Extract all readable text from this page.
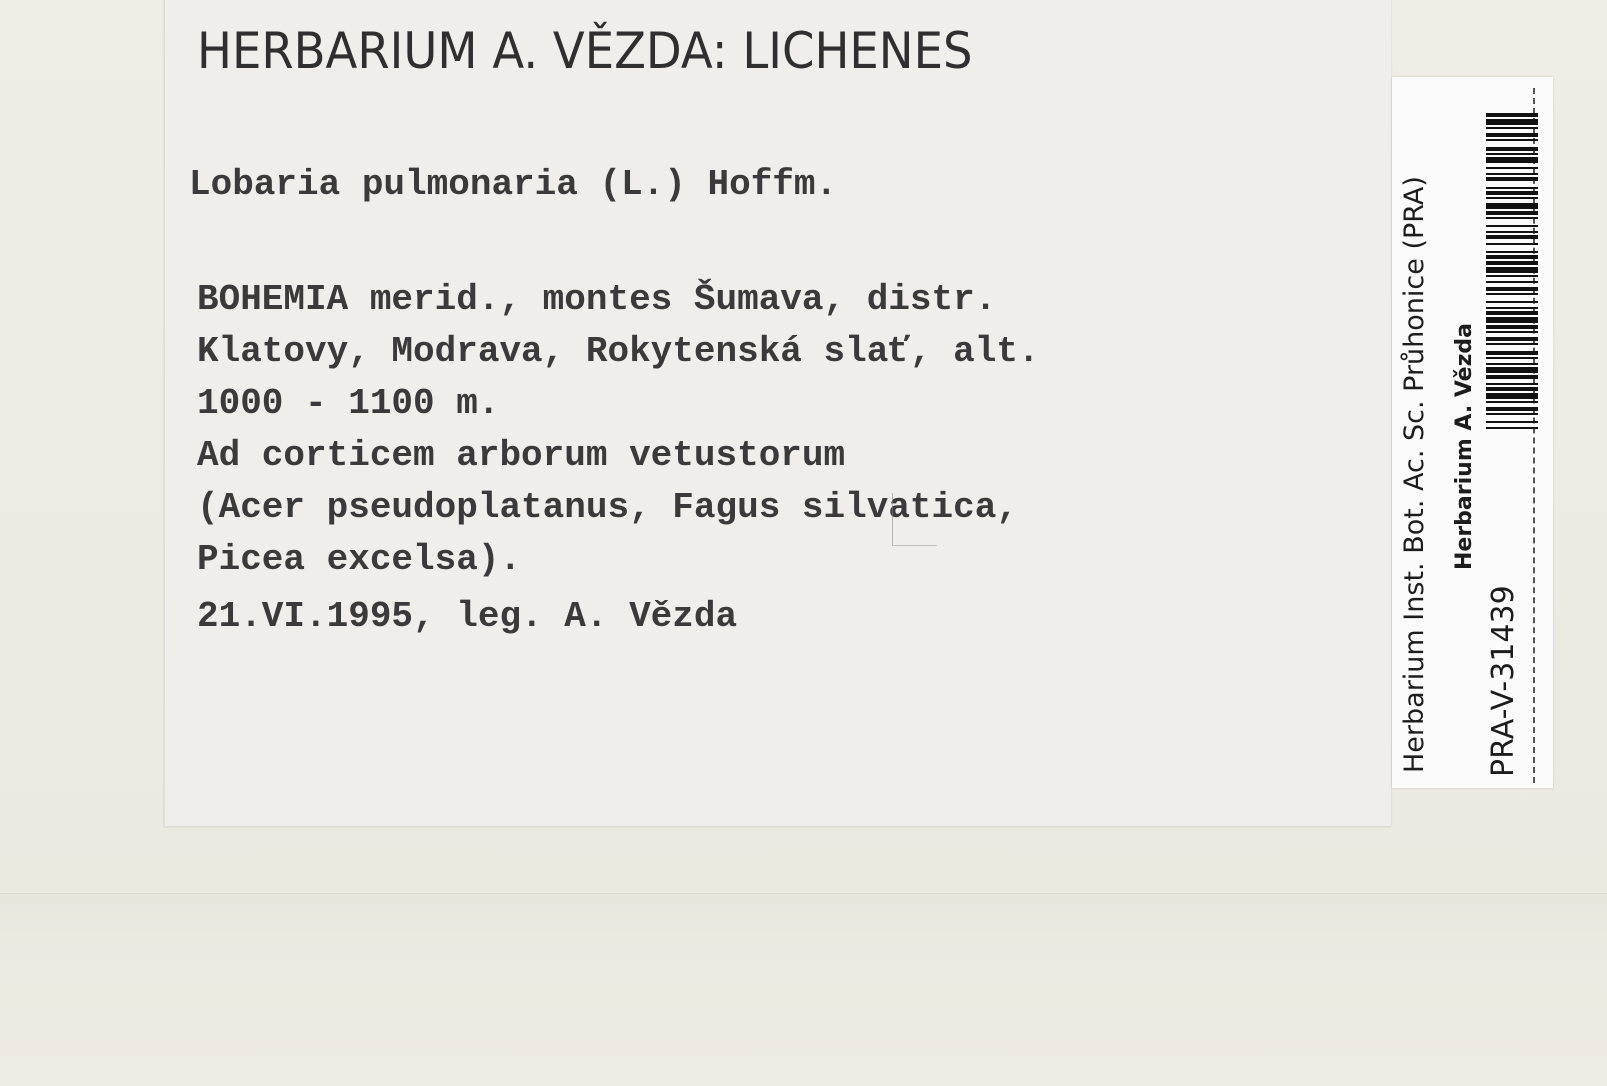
HERBARIUM A. VĚZDA: LICHENES
Lobaria pulmonaria (L.) Hoffm.
BOHEMIA merid., montes Šumava, distr.
Klatovy, Modrava, Rokytenská slať, alt.
1000 - 1100 m.
Ad corticem arborum vetustorum
(Acer pseudoplatanus, Fagus silvatica,
Picea excelsa).
21.VI.1995, leg. A. Vězda	Herbarium Inst. Bot. Ac. Sc. Průhonice (PRA) Herbarium A. Vězda
PRA-V-31439
